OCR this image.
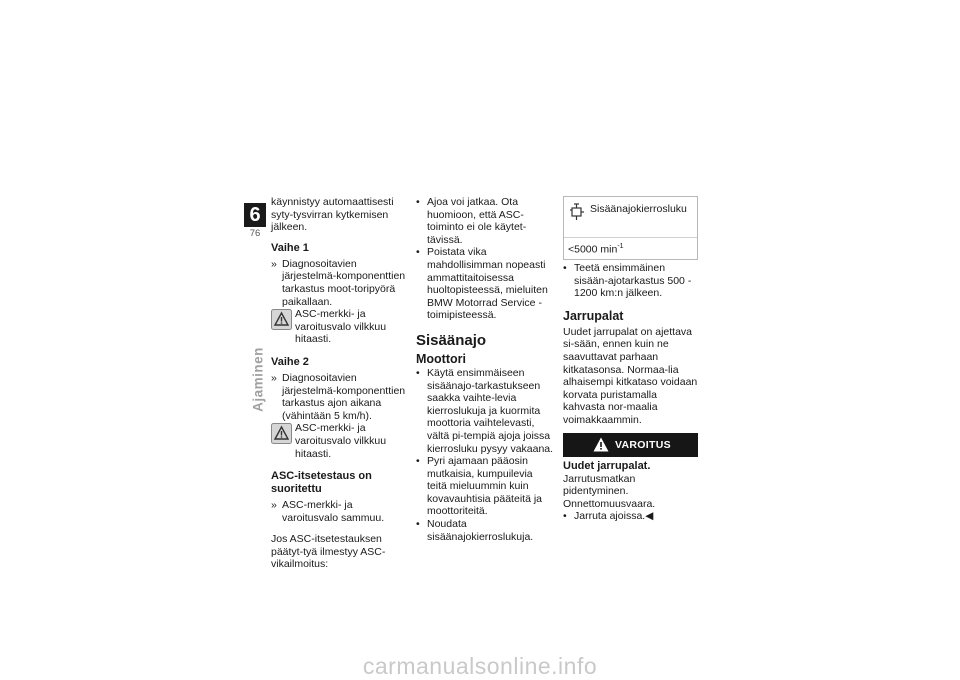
6
76
Ajaminen

käynnistyy automaattisesti syty-tysvirran kytkemisen jälkeen.

Vaihe 1

» Diagnosoitavien järjestelmä-komponenttien tarkastus moot-toripyörä paikallaan.
ASC-merkki- ja varoitusvalo vilkkuu hitaasti.

Vaihe 2

» Diagnosoitavien järjestelmä-komponenttien tarkastus ajon aikana (vähintään 5 km/h).
ASC-merkki- ja varoitusvalo vilkkuu hitaasti.

ASC-itsetestaus on suoritettu

» ASC-merkki- ja varoitusvalo sammuu.

Jos ASC-itsetestauksen päätyt-tyä ilmestyy ASC-vikailmoitus:

• Ajoa voi jatkaa. Ota huomioon, että ASC-toiminto ei ole käytet-tävissä.
• Poistata vika mahdollisimman nopeasti ammattitaitoisessa huoltopisteessä, mieluiten BMW Motorrad Service -toimipisteessä.

Sisäänajo

Moottori

• Käytä ensimmäiseen sisäänajo-tarkastukseen saakka vaihte-levia kierroslukuja ja kuormita moottoria vaihtelevasti, vältä pi-tempiä ajoja joissa kierrosluku pysyy vakaana.
• Pyri ajamaan pääosin mutkaisia, kumpuilevia teitä mieluummin kuin kovavauhtisia pääteitä ja moottoriteitä.
• Noudata sisäänajokierroslukuja.
Sisäänajokierrosluku
<5000 $\min^{-1}$
• Teetä ensimmäinen sisään-ajotarkastus 500 - 1200 km:n jälkeen.

Jarrupalat

Uudet jarrupalat on ajettava si-sään, ennen kuin ne saavuttavat parhaan kitkatasonsa. Normaa-lia alhaisempi kitkataso voidaan korvata puristamalla kahvasta nor-maalia voimakkaammin.

VAROITUS

Uudet jarrupalat.

Jarrutusmatkan pidentyminen.

Onnettomuusvaara.

• Jarruta ajoissa.◀
carmanualsonline.info
